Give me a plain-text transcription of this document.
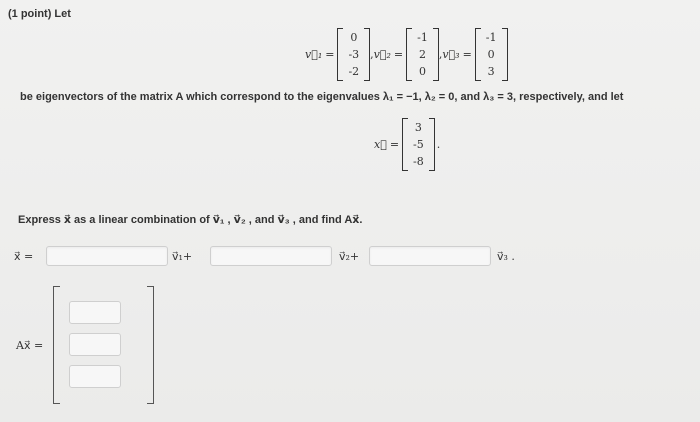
(1 point) Let
v⃗₁ =
0
-3
-2
, v⃗₂ =
-1
2
0
, v⃗₃ =
-1
0
3
be eigenvectors of the matrix A which correspond to the eigenvalues λ₁ = −1, λ₂ = 0, and λ₃ = 3, respectively, and let
x⃗ =
3
-5
-8
.
Express x⃗ as a linear combination of v⃗₁ , v⃗₂ , and v⃗₃ , and find Ax⃗.
x⃗ =	v⃗₁+	v⃗₂+	v⃗₃ .
Ax⃗ =
